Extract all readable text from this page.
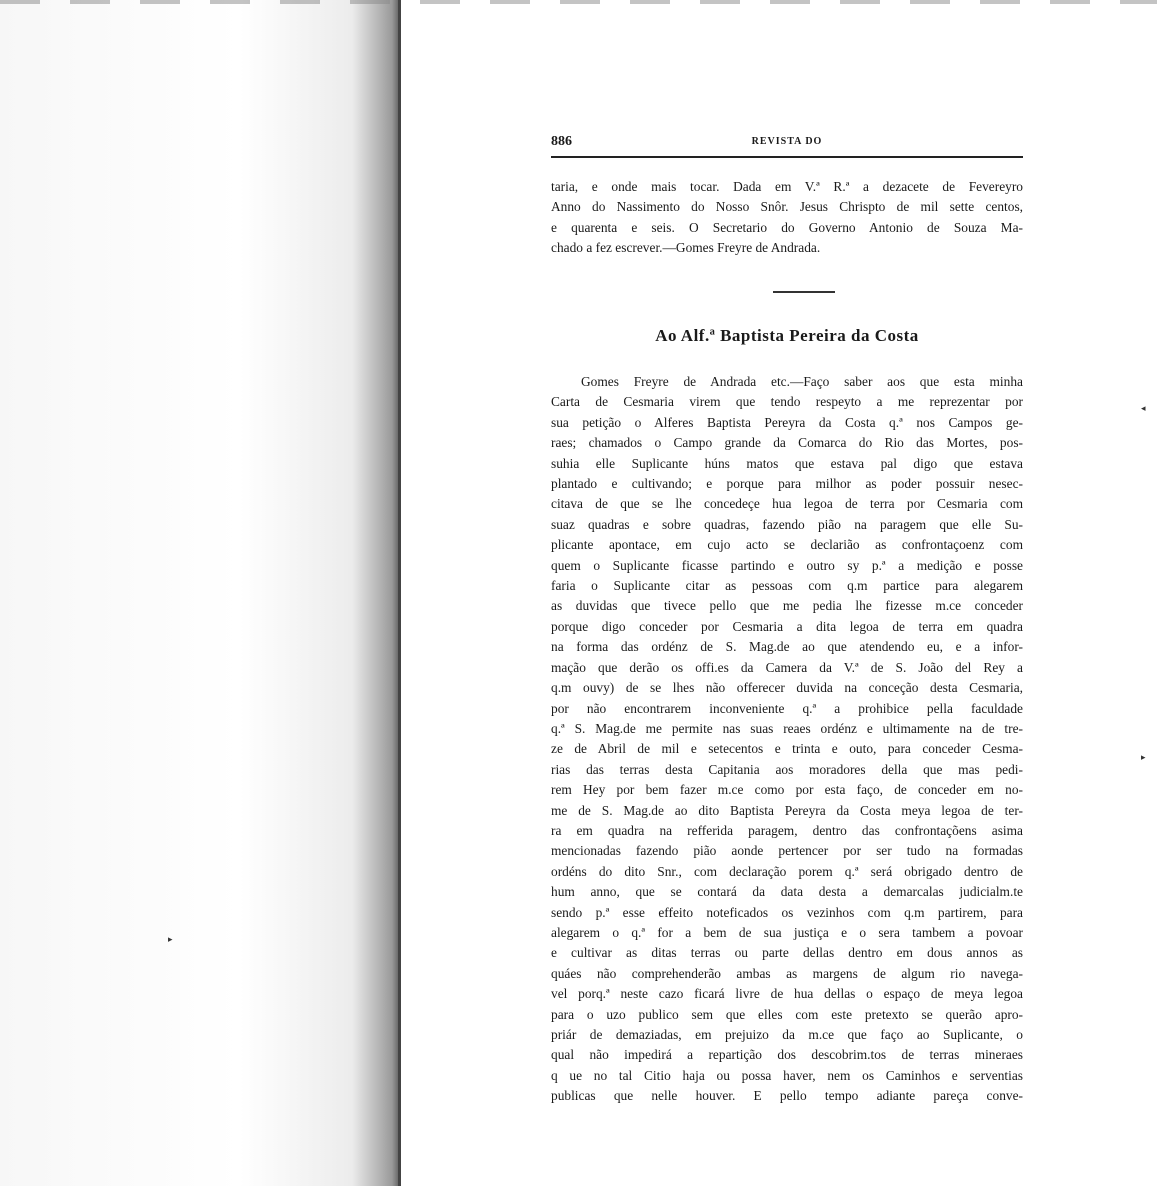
886	REVISTA DO
taria, e onde mais tocar. Dada em V.ª R.ª a dezacete de Fevereyro
Anno do Nassimento do Nosso Snôr. Jesus Chrispto de mil sette centos,
e quarenta e seis. O Secretario do Governo Antonio de Souza Ma-
chado a fez escrever.—Gomes Freyre de Andrada.
Ao Alf.ª Baptista Pereira da Costa
Gomes Freyre de Andrada etc.—Faço saber aos que esta minha
Carta de Cesmaria virem que tendo respeyto a me reprezentar por
sua petição o Alferes Baptista Pereyra da Costa q.ª nos Campos ge-
raes; chamados o Campo grande da Comarca do Rio das Mortes, pos-
suhia elle Suplicante húns matos que estava pal digo que estava
plantado e cultivando; e porque para milhor as poder possuir nesec-
citava de que se lhe concedeçe hua legoa de terra por Cesmaria com
suaz quadras e sobre quadras, fazendo pião na paragem que elle Su-
plicante apontace, em cujo acto se declarião as confrontaçoenz com
quem o Suplicante ficasse partindo e outro sy p.ª a medição e posse
faria o Suplicante citar as pessoas com q.m partice para alegarem
as duvidas que tivece pello que me pedia lhe fizesse m.ce conceder
porque digo conceder por Cesmaria a dita legoa de terra em quadra
na forma das ordénz de S. Mag.de ao que atendendo eu, e a infor-
mação que derão os offi.es da Camera da V.ª de S. João del Rey a
q.m ouvy) de se lhes não offerecer duvida na conceção desta Cesmaria,
por não encontrarem inconveniente q.ª a prohibice pella faculdade
q.ª S. Mag.de me permite nas suas reaes ordénz e ultimamente na de tre-
ze de Abril de mil e setecentos e trinta e outo, para conceder Cesma-
rias das terras desta Capitania aos moradores della que mas pedi-
rem Hey por bem fazer m.ce como por esta faço, de conceder em no-
me de S. Mag.de ao dito Baptista Pereyra da Costa meya legoa de ter-
ra em quadra na refferida paragem, dentro das confrontaçõens asima
mencionadas fazendo pião aonde pertencer por ser tudo na formadas
ordéns do dito Snr., com declaração porem q.ª será obrigado dentro de
hum anno, que se contará da data desta a demarcalas judicialm.te
sendo p.ª esse effeito noteficados os vezinhos com q.m partirem, para
alegarem o q.ª for a bem de sua justiça e o sera tambem a povoar
e cultivar as ditas terras ou parte dellas dentro em dous annos as
quáes não comprehenderão ambas as margens de algum rio navega-
vel porq.ª neste cazo ficará livre de hua dellas o espaço de meya legoa
para o uzo publico sem que elles com este pretexto se querão apro-
priár de demaziadas, em prejuizo da m.ce que faço ao Suplicante, o
qual não impedirá a repartição dos descobrim.tos de terras mineraes
q ue no tal Citio haja ou possa haver, nem os Caminhos e serventias
publicas que nelle houver. E pello tempo adiante pareça conve-
◂
▸
▸
